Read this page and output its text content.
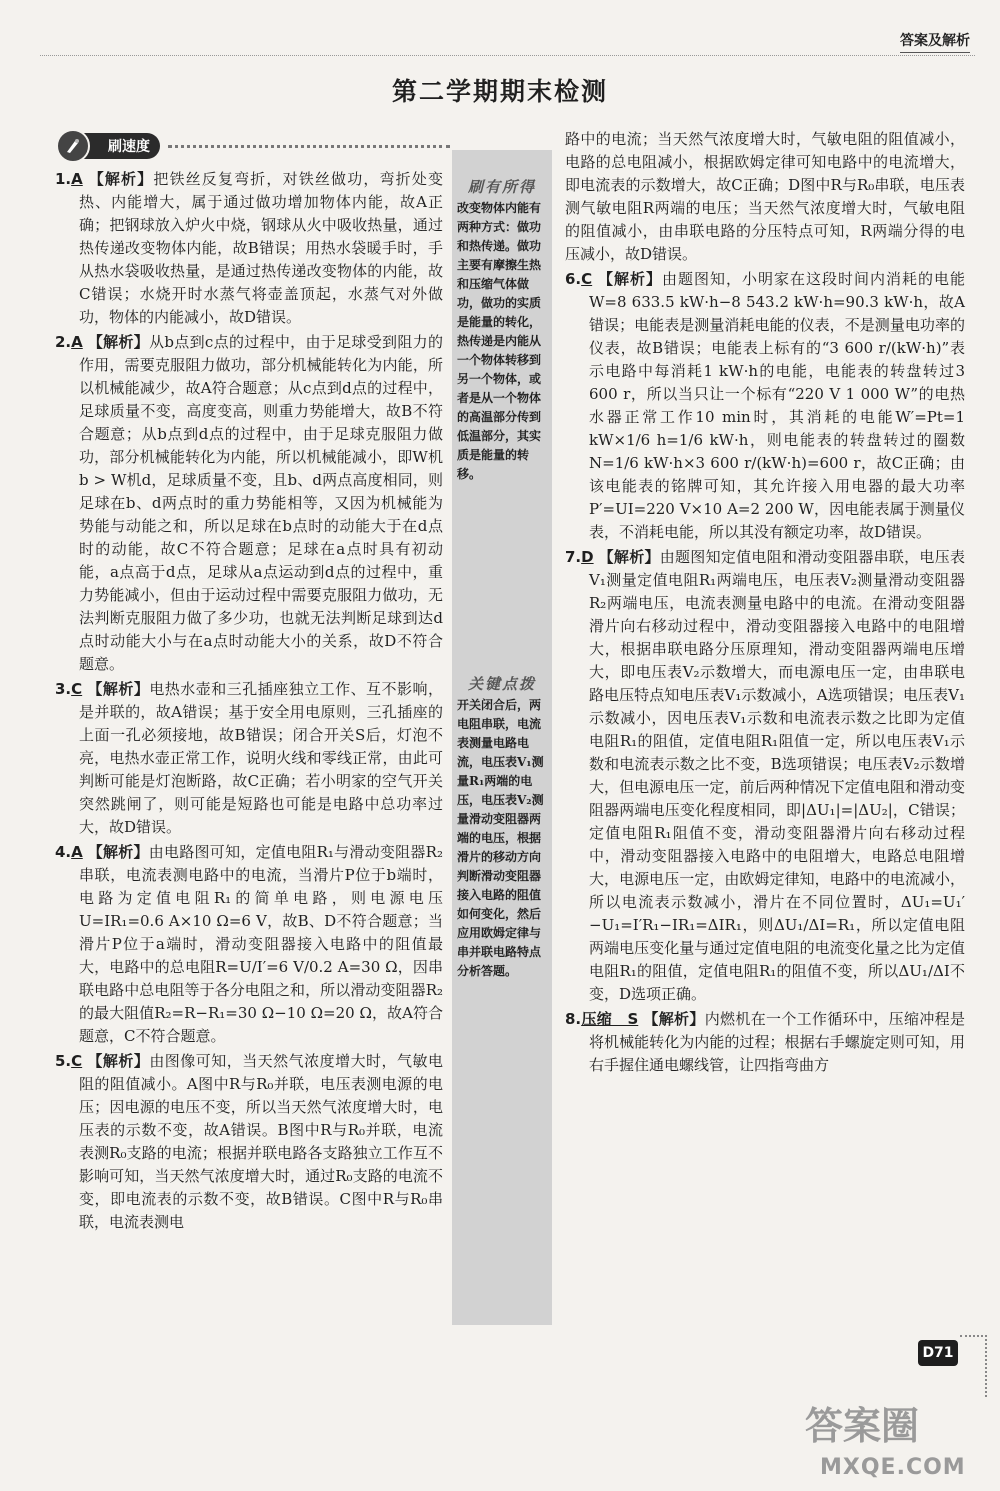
答案及解析
第二学期期末检测
刷速度

1.A 【解析】把铁丝反复弯折，对铁丝做功，弯折处变热、内能增大，属于通过做功增加物体内能，故A正确；把钢球放入炉火中烧，钢球从火中吸收热量，通过热传递改变物体内能，故B错误；用热水袋暖手时，手从热水袋吸收热量，是通过热传递改变物体的内能，故C错误；水烧开时水蒸气将壶盖顶起，水蒸气对外做功，物体的内能减小，故D错误。

2.A 【解析】从b点到c点的过程中，由于足球受到阻力的作用，需要克服阻力做功，部分机械能转化为内能，所以机械能减少，故A符合题意；从c点到d点的过程中，足球质量不变，高度变高，则重力势能增大，故B不符合题意；从b点到d点的过程中，由于足球克服阻力做功，部分机械能转化为内能，所以机械能减小，即W机b > W机d，足球质量不变，且b、d两点高度相同，则足球在b、d两点时的重力势能相等，又因为机械能为势能与动能之和，所以足球在b点时的动能大于在d点时的动能，故C不符合题意；足球在a点时具有初动能，a点高于d点，足球从a点运动到d点的过程中，重力势能减小，但由于运动过程中需要克服阻力做功，无法判断克服阻力做了多少功，也就无法判断足球到达d点时动能大小与在a点时动能大小的关系，故D不符合题意。

3.C 【解析】电热水壶和三孔插座独立工作、互不影响，是并联的，故A错误；基于安全用电原则，三孔插座的上面一孔必须接地，故B错误；闭合开关S后，灯泡不亮，电热水壶正常工作，说明火线和零线正常，由此可判断可能是灯泡断路，故C正确；若小明家的空气开关突然跳闸了，则可能是短路也可能是电路中总功率过大，故D错误。

4.A 【解析】由电路图可知，定值电阻R₁与滑动变阻器R₂串联，电流表测电路中的电流，当滑片P位于b端时，电路为定值电阻R₁的简单电路，则电源电压U=IR₁=0.6 A×10 Ω=6 V，故B、D不符合题意；当滑片P位于a端时，滑动变阻器接入电路中的阻值最大，电路中的总电阻R=U/I′=6 V/0.2 A=30 Ω，因串联电路中总电阻等于各分电阻之和，所以滑动变阻器R₂的最大阻值R₂=R−R₁=30 Ω−10 Ω=20 Ω，故A符合题意，C不符合题意。

5.C 【解析】由图像可知，当天然气浓度增大时，气敏电阻的阻值减小。A图中R与R₀并联，电压表测电源的电压；因电源的电压不变，所以当天然气浓度增大时，电压表的示数不变，故A错误。B图中R与R₀并联，电流表测R₀支路的电流；根据并联电路各支路独立工作互不影响可知，当天然气浓度增大时，通过R₀支路的电流不变，即电流表的示数不变，故B错误。C图中R与R₀串联，电流表测电

刷有所得
改变物体内能有两种方式：做功和热传递。做功主要有摩擦生热和压缩气体做功，做功的实质是能量的转化，热传递是内能从一个物体转移到另一个物体，或者是从一个物体的高温部分传到低温部分，其实质是能量的转移。
关键点拨
开关闭合后，两电阻串联，电流表测量电路电流，电压表V₁测量R₁两端的电压，电压表V₂测量滑动变阻器两端的电压，根据滑片的移动方向判断滑动变阻器接入电路的阻值如何变化，然后应用欧姆定律与串并联电路特点分析答题。

路中的电流；当天然气浓度增大时，气敏电阻的阻值减小，电路的总电阻减小，根据欧姆定律可知电路中的电流增大，即电流表的示数增大，故C正确；D图中R与R₀串联，电压表测气敏电阻R两端的电压；当天然气浓度增大时，气敏电阻的阻值减小，由串联电路的分压特点可知，R两端分得的电压减小，故D错误。

6.C 【解析】由题图知，小明家在这段时间内消耗的电能W=8 633.5 kW·h−8 543.2 kW·h=90.3 kW·h，故A错误；电能表是测量消耗电能的仪表，不是测量电功率的仪表，故B错误；电能表上标有的“3 600 r/(kW·h)”表示电路中每消耗1 kW·h的电能，电能表的转盘转过3 600 r，所以当只让一个标有“220 V 1 000 W”的电热水器正常工作10 min时，其消耗的电能W′=Pt=1 kW×1/6 h=1/6 kW·h，则电能表的转盘转过的圈数N=1/6 kW·h×3 600 r/(kW·h)=600 r，故C正确；由该电能表的铭牌可知，其允许接入用电器的最大功率P′=UI=220 V×10 A=2 200 W，因电能表属于测量仪表，不消耗电能，所以其没有额定功率，故D错误。

7.D 【解析】由题图知定值电阻和滑动变阻器串联，电压表V₁测量定值电阻R₁两端电压，电压表V₂测量滑动变阻器R₂两端电压，电流表测量电路中的电流。在滑动变阻器滑片向右移动过程中，滑动变阻器接入电路中的电阻增大，根据串联电路分压原理知，滑动变阻器两端电压增大，即电压表V₂示数增大，而电源电压一定，由串联电路电压特点知电压表V₁示数减小，A选项错误；电压表V₁示数减小，因电压表V₁示数和电流表示数之比即为定值电阻R₁的阻值，定值电阻R₁阻值一定，所以电压表V₁示数和电流表示数之比不变，B选项错误；电压表V₂示数增大，但电源电压一定，前后两种情况下定值电阻和滑动变阻器两端电压变化程度相同，即|ΔU₁|=|ΔU₂|，C错误；定值电阻R₁阻值不变，滑动变阻器滑片向右移动过程中，滑动变阻器接入电路中的电阻增大，电路总电阻增大，电源电压一定，由欧姆定律知，电路中的电流减小，所以电流表示数减小，滑片在不同位置时，ΔU₁=U₁′−U₁=I′R₁−IR₁=ΔIR₁，则ΔU₁/ΔI=R₁，所以定值电阻两端电压变化量与通过定值电阻的电流变化量之比为定值电阻R₁的阻值，定值电阻R₁的阻值不变，所以ΔU₁/ΔI不变，D选项正确。

8.压缩　S 【解析】内燃机在一个工作循环中，压缩冲程是将机械能转化为内能的过程；根据右手螺旋定则可知，用右手握住通电螺线管，让四指弯曲方

D71
答案圈
MXQE.COM
